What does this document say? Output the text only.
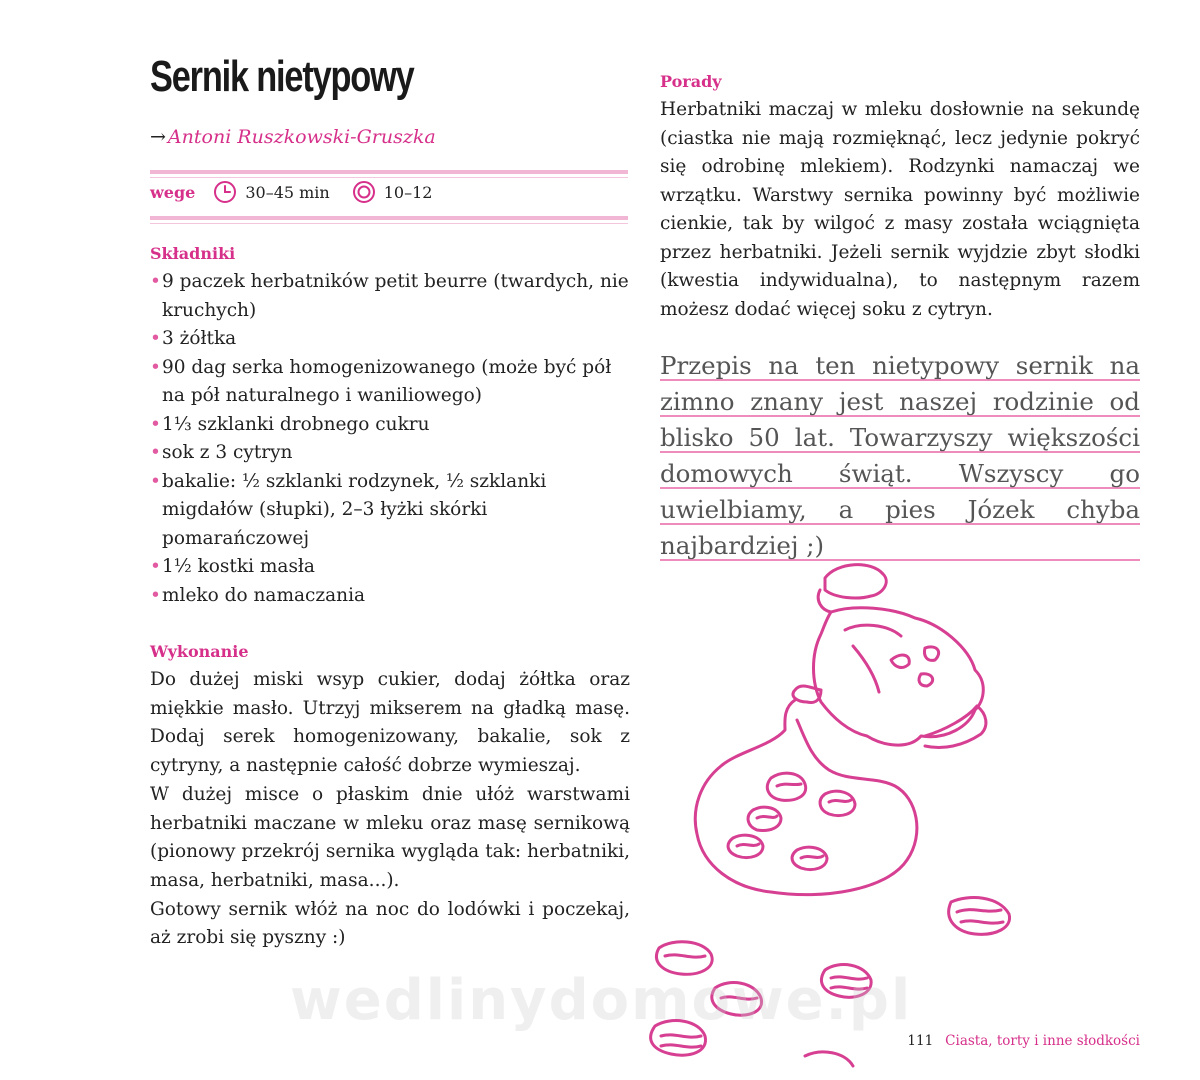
Sernik nietypowy
→ Antoni Ruszkowski-Gruszka
wege	30–45 min	10–12
Składniki
• 9 paczek herbatników petit beurre (twardych, nie kruchych)
• 3 żółtka
• 90 dag serka homogenizowanego (może być pół na pół naturalnego i waniliowego)
• 1⅓ szklanki drobnego cukru
• sok z 3 cytryn
• bakalie: ½ szklanki rodzynek, ½ szklanki migdałów (słupki), 2–3 łyżki skórki pomarańczowej
• 1½ kostki masła
• mleko do namaczania
Wykonanie

Do dużej miski wsyp cukier, dodaj żółtka oraz miękkie masło. Utrzyj mikserem na gładką masę. Dodaj serek homogenizowany, bakalie, sok z cytryny, a następnie całość dobrze wymieszaj.

W dużej misce o płaskim dnie ułóż warstwami herbatniki maczane w mleku oraz masę sernikową (pionowy przekrój sernika wygląda tak: herbatniki, masa, herbatniki, masa...).

Gotowy sernik włóż na noc do lodówki i poczekaj, aż zrobi się pyszny :)

Porady

Herbatniki maczaj w mleku dosłownie na sekundę (ciastka nie mają rozmięknąć, lecz jedynie pokryć się odrobinę mlekiem). Rodzynki namaczaj we wrzątku. Warstwy sernika powinny być możliwie cienkie, tak by wilgoć z masy została wciągnięta przez herbatniki. Jeżeli sernik wyjdzie zbyt słodki (kwestia indywidualna), to następnym razem możesz dodać więcej soku z cytryn.

Przepis na ten nietypowy sernik na zimno znany jest naszej rodzinie od blisko 50 lat. Towarzyszy większości domowych świąt. Wszyscy go uwielbiamy, a pies Józek chyba najbardziej ;)

wedlinydomowe.pl

111 Ciasta, torty i inne słodkości
